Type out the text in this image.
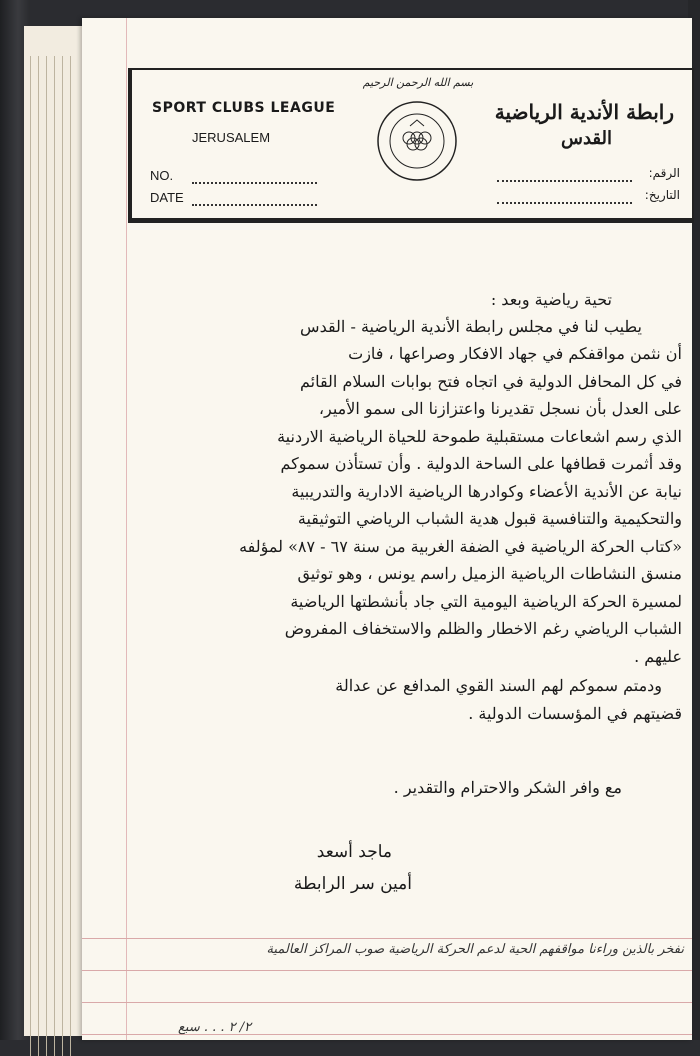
SPORT CLUBS LEAGUE
JERUSALEM
NO.
DATE
بسم الله الرحمن الرحيم
رابطة الأندية الرياضية
القدس
الرقم:
التاريخ:
تحية رياضية وبعد :
يطيب لنا في مجلس رابطة الأندية الرياضية - القدس
أن نثمن مواقفكم في جهاد الافكار وصراعها ، فازت
في كل المحافل الدولية في اتجاه فتح بوابات السلام القائم
على العدل بأن نسجل تقديرنا واعتزازنا الى سمو الأمير،
الذي رسم اشعاعات مستقبلية طموحة للحياة الرياضية الاردنية
وقد أثمرت قطافها على الساحة الدولية . وأن تستأذن سموكم
نيابة عن الأندية الأعضاء وكوادرها الرياضية الادارية والتدريبية
والتحكيمية والتنافسية قبول هدية الشباب الرياضي التوثيقية
«كتاب الحركة الرياضية في الضفة الغربية من سنة ٦٧ - ٨٧» لمؤلفه
منسق النشاطات الرياضية الزميل راسم يونس ، وهو توثيق
لمسيرة الحركة الرياضية اليومية التي جاد بأنشطتها الرياضية
الشباب الرياضي رغم الاخطار والظلم والاستخفاف المفروض
عليهم .
ودمتم سموكم لهم السند القوي المدافع عن عدالة
قضيتهم في المؤسسات الدولية .
مع وافر الشكر والاحترام والتقدير .
ماجد أسعد
أمين سر الرابطة
نفخر بالذين وراءنا مواقفهم الحية لدعم الحركة الرياضية صوب المراكز العالمية
٢/ ٢ . . . سبع
